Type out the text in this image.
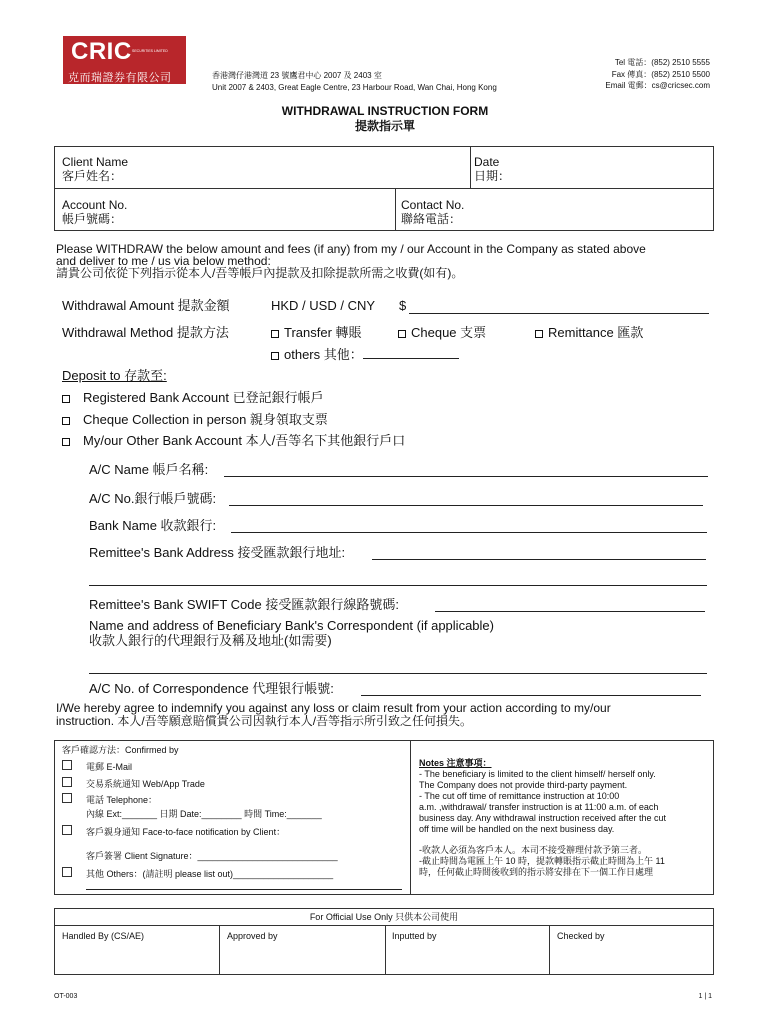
CRIC SECURITIES LIMITED
克而瑞證券有限公司	香港灣仔港灣道 23 號鷹君中心 2007 及 2403 室
Unit 2007 & 2403, Great Eagle Centre, 23 Harbour Road, Wan Chai, Hong Kong
Tel 電話：(852) 2510 5555
Fax 傳真：(852) 2510 5500
Email 電郵：cs@cricsec.com
WITHDRAWAL INSTRUCTION FORM
提款指示單
Client Name
客戶姓名：
Date
日期：
Account No.
帳戶號碼：
Contact No.
聯絡電話：
Please WITHDRAW the below amount and fees (if any) from my / our Account in the Company as stated above
and deliver to me / us via below method:
請貴公司依從下列指示從本人/吾等帳戶內提款及扣除提款所需之收費(如有)。
Withdrawal Amount 提款金額	HKD / USD / CNY $
Withdrawal Method 提款方法	Transfer 轉賬	Cheque 支票	Remittance 匯款
others 其他：
Deposit to 存款至:
Registered Bank Account 已登記銀行帳戶
Cheque Collection in person 親身領取支票
My/our Other Bank Account 本人/吾等名下其他銀行戶口
A/C Name 帳戶名稱:
A/C No.銀行帳戶號碼:
Bank Name 收款銀行:
Remittee's Bank Address 接受匯款銀行地址:
Remittee's Bank SWIFT Code 接受匯款銀行線路號碼:
Name and address of Beneficiary Bank's Correspondent (if applicable)
收款人銀行的代理銀行及稱及地址(如需要)
A/C No. of Correspondence 代理银行帳號:
I/We hereby agree to indemnify you against any loss or claim result from your action according to my/our
instruction. 本人/吾等願意賠償貴公司因執行本人/吾等指示所引致之任何損失。
客戶確認方法：Confirmed by
電郵 E-Mail
交易系統通知 Web/App Trade
電話 Telephone：
內線 Ext:_______ 日期 Date:________ 時間 Time:_______
客戶親身通知 Face-to-face notification by Client：
客戶簽署 Client Signature：____________________________
其他 Others：(請註明 please list out)____________________
Notes 注意事項：
- The beneficiary is limited to the client himself/ herself only.
The Company does not provide third-party payment.
- The cut off time of remittance instruction at 10:00
a.m. ,withdrawal/ transfer instruction is at 11:00 a.m. of each
business day. Any withdrawal instruction received after the cut
off time will be handled on the next business day.
-收款人必須為客戶本人。本司不接受辦理付款予第三者。
-截止時間為電匯上午 10 時，提款轉賬指示截止時間為上午 11
時，任何截止時間後收到的指示將安排在下一個工作日處理
For Official Use Only 只供本公司使用
Handled By (CS/AE)	Approved by	Inputted by	Checked by
OT-003	1 | 1
